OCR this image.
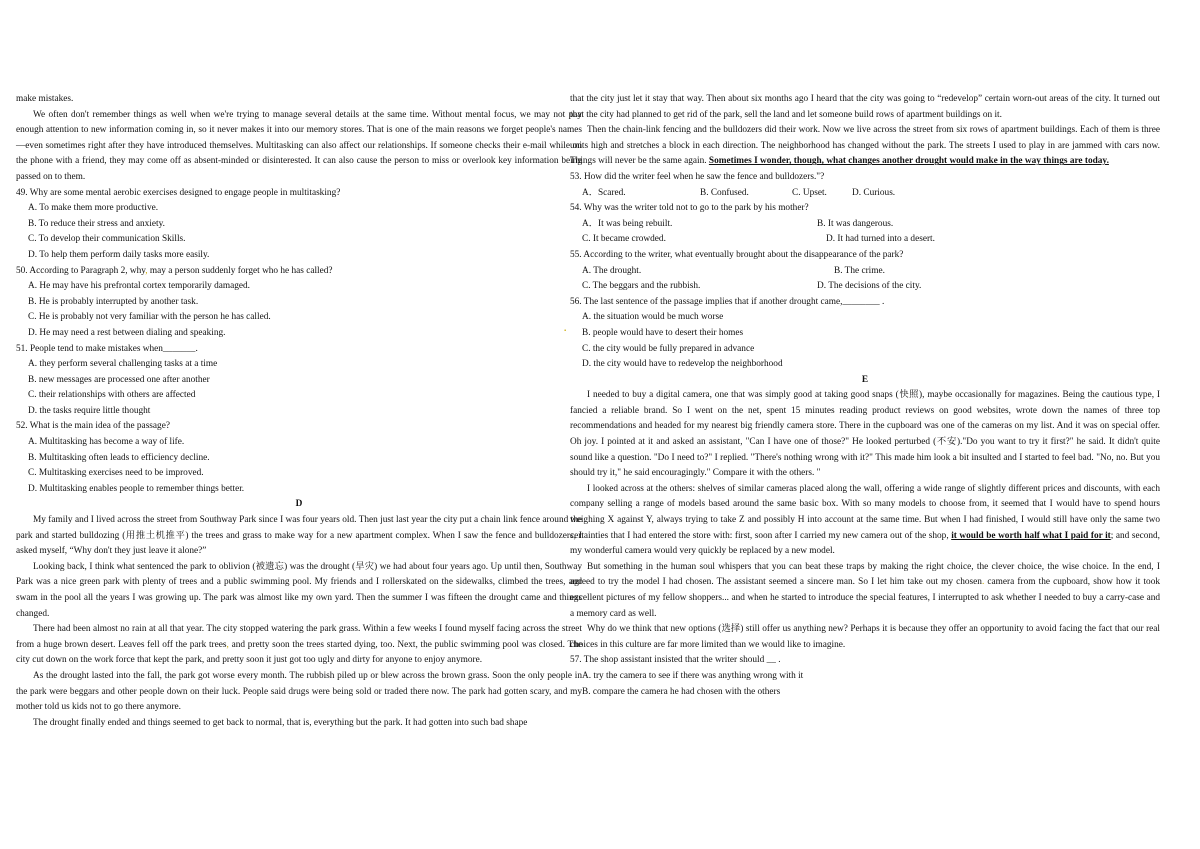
make mistakes.

We often don't remember things as well when we're trying to manage several details at the same time. Without mental focus, we may not pay enough attention to new information coming in, so it never makes it into our memory stores. That is one of the main reasons we forget people's names—even sometimes right after they have introduced themselves. Multitasking can also affect our relationships. If someone checks their e-mail while on the phone with a friend, they may come off as absent-minded or disinterested. It can also cause the person to miss or overlook key information being passed on to them.

49. Why are some mental aerobic exercises designed to engage people in multitasking?

A. To make them more productive.

B. To reduce their stress and anxiety.

C. To develop their communication Skills.

D. To help them perform daily tasks more easily.

50. According to Paragraph 2, why, may a person suddenly forget who he has called?

A. He may have his prefrontal cortex temporarily damaged.

B. He is probably interrupted by another task.

C. He is probably not very familiar with the person he has called.

D. He may need a rest between dialing and speaking.

51. People tend to make mistakes when_______.

A. they perform several challenging tasks at a time

B. new messages are processed one after another

C. their relationships with others are affected

D. the tasks require little thought

52. What is the main idea of the passage?

A. Multitasking has become a way of life.

B. Multitasking often leads to efficiency decline.

C. Multitasking exercises need to be improved.

D. Multitasking enables people to remember things better.

D

My family and I lived across the street from Southway Park since I was four years old. Then just last year the city put a chain link fence around the park and started bulldozing (用推土机推平) the trees and grass to make way for a new apartment complex. When I saw the fence and bulldozers, I asked myself, “Why don't they just leave it alone?”

Looking back, I think what sentenced the park to oblivion (被遗忘) was the drought (旱灾) we had about four years ago. Up until then, Southway Park was a nice green park with plenty of trees and a public swimming pool. My friends and I rollerskated on the sidewalks, climbed the trees, and swam in the pool all the years I was growing up. The park was almost like my own yard. Then the summer I was fifteen the drought came and things changed.

There had been almost no rain at all that year. The city stopped watering the park grass. Within a few weeks I found myself facing across the street from a huge brown desert. Leaves fell off the park trees, and pretty soon the trees started dying, too. Next, the public swimming pool was closed. The city cut down on the work force that kept the park, and pretty soon it just got too ugly and dirty for anyone to enjoy anymore.

As the drought lasted into the fall, the park got worse every month. The rubbish piled up or blew across the brown grass. Soon the only people in the park were beggars and other people down on their luck. People said drugs were being sold or traded there now. The park had gotten scary, and my mother told us kids not to go there anymore.

The drought finally ended and things seemed to get back to normal, that is, everything but the park. It had gotten into such bad shape

that the city just let it stay that way. Then about six months ago I heard that the city was going to “redevelop” certain worn-out areas of the city. It turned out that the city had planned to get rid of the park, sell the land and let someone build rows of apartment buildings on it.

Then the chain-link fencing and the bulldozers did their work. Now we live across the street from six rows of apartment buildings. Each of them is three units high and stretches a block in each direction. The neighborhood has changed without the park. The streets I used to play in are jammed with cars now. Things will never be the same again. Sometimes I wonder, though, what changes another drought would make in the way things are today.

53. How did the writer feel when he saw the fence and bulldozers."?

A．Scared.	B. Confused.	C. Upset.	D. Curious.

54. Why was the writer told not to go to the park by his mother?

A．It was being rebuilt.	B. It was dangerous.

C. It became crowded.	D. It had turned into a desert.

55. According to the writer, what eventually brought about the disappearance of the park?

A. The drought.	B. The crime.

C. The beggars and the rubbish.	D. The decisions of the city.

56. The last sentence of the passage implies that if another drought came,________ .

A. the situation would be much worse

. B. people would have to desert their homes

C. the city would be fully prepared in advance

D. the city would have to redevelop the neighborhood

E

I needed to buy a digital camera, one that was simply good at taking good snaps (快照), maybe occasionally for magazines. Being the cautious type, I fancied a reliable brand. So I went on the net, spent 15 minutes reading product reviews on good websites, wrote down the names of three top recommendations and headed for my nearest big friendly camera store. There in the cupboard was one of the cameras on my list. And it was on special offer. Oh joy. I pointed at it and asked an assistant, "Can I have one of those?" He looked perturbed (不安)."Do you want to try it first?" he said. It didn't quite sound like a question. "Do I need to?" I replied. "There's nothing wrong with it?" This made him look a bit insulted and I started to feel bad. "No, no. But you should try it," he said encouragingly." Compare it with the others. "

I looked across at the others: shelves of similar cameras placed along the wall, offering a wide range of slightly different prices and discounts, with each company selling a range of models based around the same basic box. With so many models to choose from, it seemed that I would have to spend hours weighing X against Y, always trying to take Z and possibly H into account at the same time. But when I had finished, I would still have only the same two certainties that I had entered the store with: first, soon after I carried my new camera out of the shop, it would be worth half what I paid for it; and second, my wonderful camera would very quickly be replaced by a new model.

But something in the human soul whispers that you can beat these traps by making the right choice, the clever choice, the wise choice. In the end, I agreed to try the model I had chosen. The assistant seemed a sincere man. So I let him take out my chosen. camera from the cupboard, show how it took excellent pictures of my fellow shoppers... and when he started to introduce the special features, I interrupted to ask whether I needed to buy a carry-case and a memory card as well.

Why do we think that new options (选择) still offer us anything new? Perhaps it is because they offer an opportunity to avoid facing the fact that our real choices in this culture are far more limited than we would like to imagine.

57. The shop assistant insisted that the writer should __ .

A. try the camera to see if there was anything wrong with it

B. compare the camera he had chosen with the others
